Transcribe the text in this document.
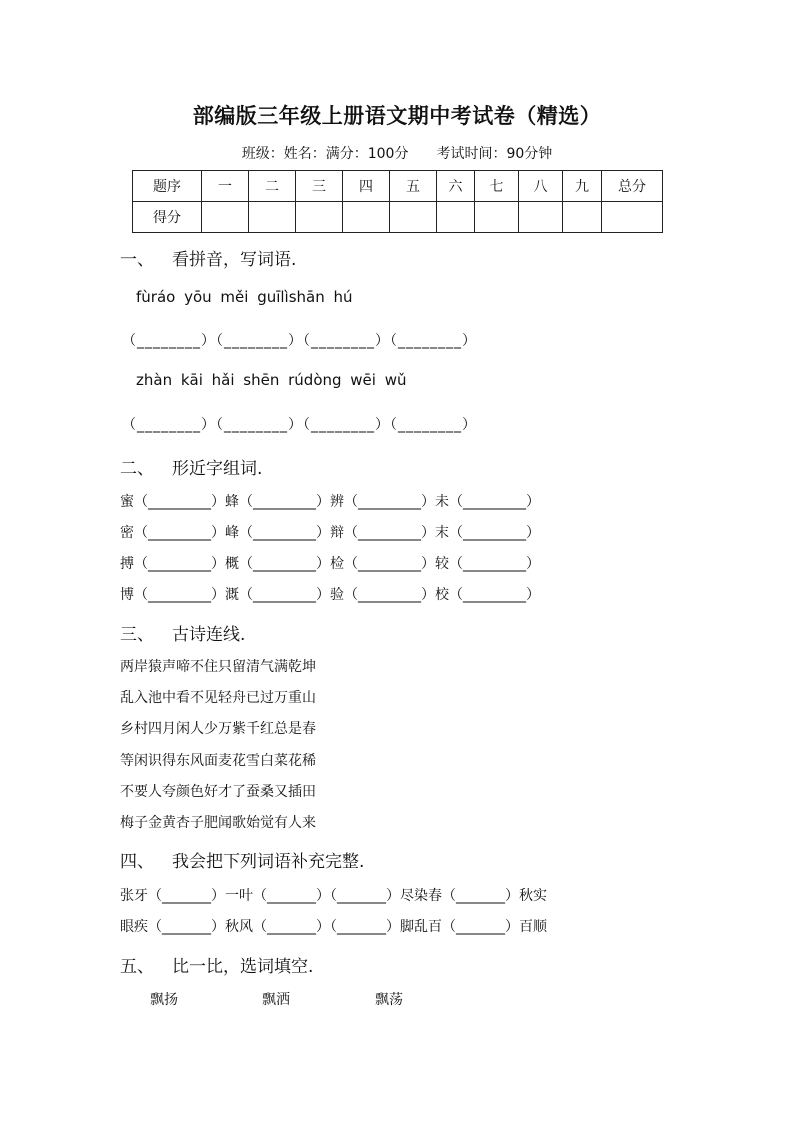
部编版三年级上册语文期中考试卷（精选）
班级：姓名：满分：100分　　考试时间：90分钟
题序	一	二	三	四	五	六	七	八	九	总分
得分										
一、 看拼音，写词语.
fùráo yōu měi guīlìshān hú
（________）（________）（________）（________）
zhàn kāi hǎi shēn rúdòng wēi wǔ
（________）（________）（________）（________）
二、 形近字组词.
蜜（_________）蜂（_________）辨（_________）未（_________）
密（_________）峰（_________）辩（_________）末（_________）
搏（_________）概（_________）检（_________）较（_________）
博（_________）溉（_________）验（_________）校（_________）
三、 古诗连线.
两岸猿声啼不住只留清气满乾坤
乱入池中看不见轻舟已过万重山
乡村四月闲人少万紫千红总是春
等闲识得东风面麦花雪白菜花稀
不要人夸颜色好才了蚕桑又插田
梅子金黄杏子肥闻歌始觉有人来
四、 我会把下列词语补充完整.
张牙（_______）一叶（_______）（_______）尽染春（_______）秋实
眼疾（_______）秋风（_______）（_______）脚乱百（_______）百顺
五、 比一比，选词填空.
飘扬	飘洒	飘荡
